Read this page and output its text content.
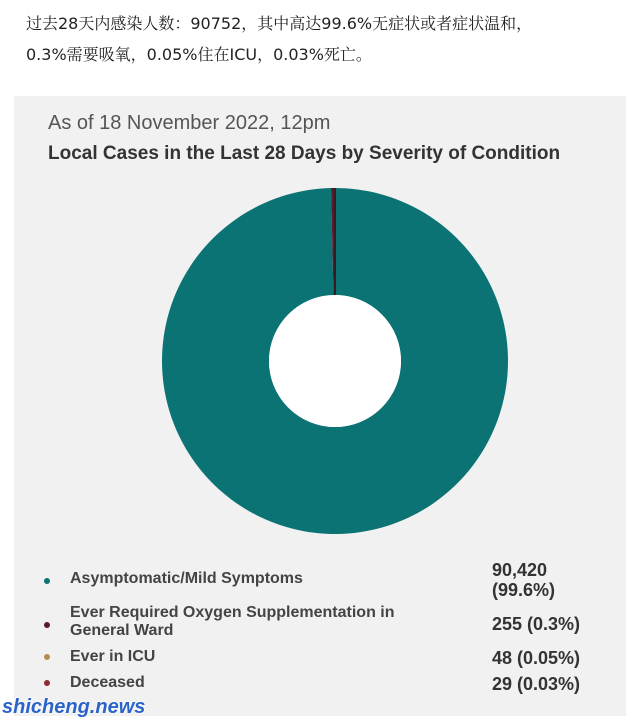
过去28天内感染人数：90752，其中高达99.6%无症状或者症状温和，
0.3%需要吸氧，0.05%住在ICU，0.03%死亡。
As of 18 November 2022, 12pm
Local Cases in the Last 28 Days by Severity of Condition
Asymptomatic/Mild Symptoms	90,420 (99.6%)
Ever Required Oxygen Supplementation in General Ward	255 (0.3%)
Ever in ICU	48 (0.05%)
Deceased	29 (0.03%)
shicheng.news
